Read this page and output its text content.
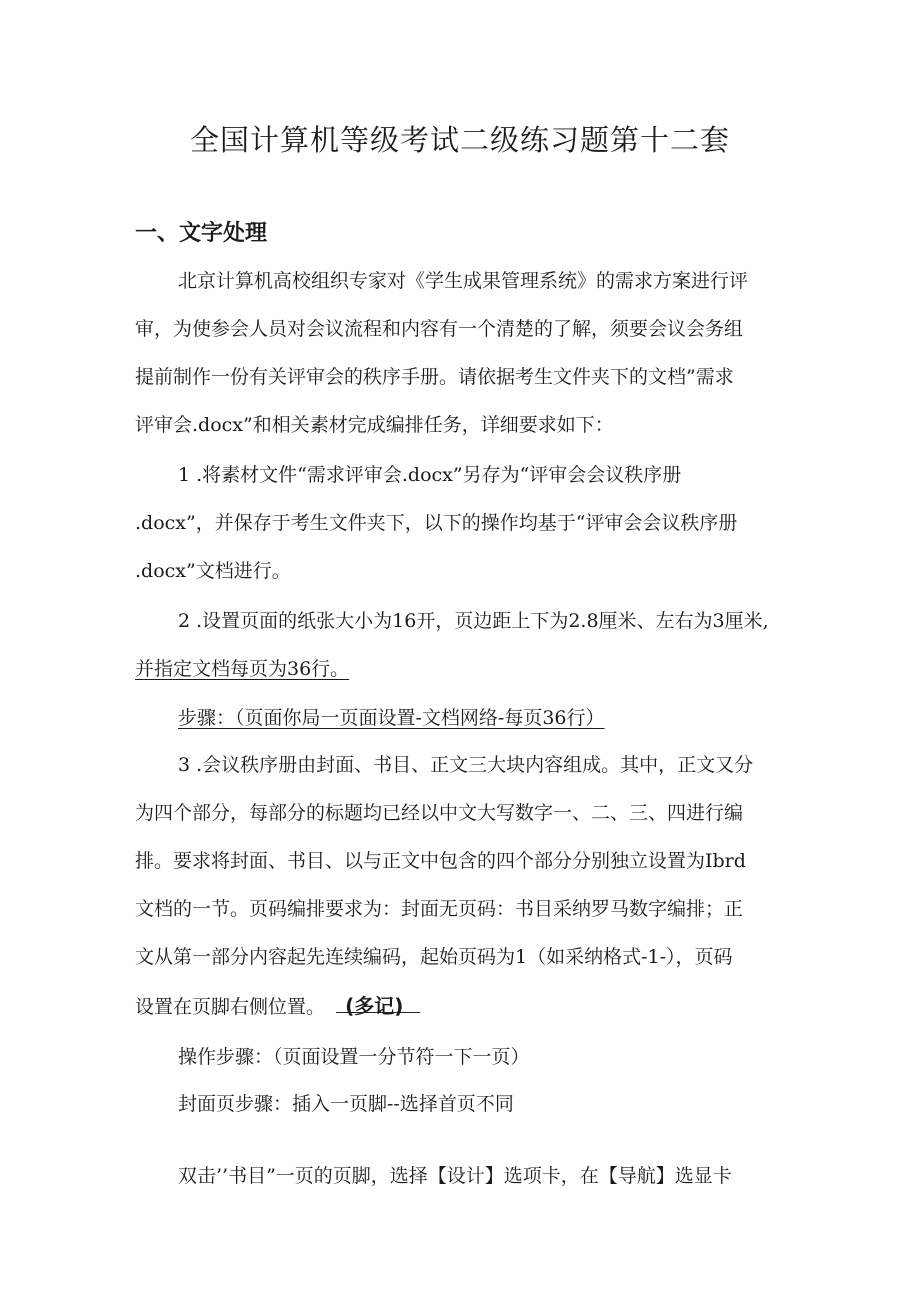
全国计算机等级考试二级练习题第十二套
一、文字处理
北京计算机高校组织专家对《学生成果管理系统》的需求方案进行评
审，为使参会人员对会议流程和内容有一个清楚的了解，须要会议会务组
提前制作一份有关评审会的秩序手册。请依据考生文件夹下的文档”需求
评审会.docx”和相关素材完成编排任务，详细要求如下：
1 .将素材文件“需求评审会.docx”另存为“评审会会议秩序册
.docx”，并保存于考生文件夹下，以下的操作均基于“评审会会议秩序册
.docx”文档进行。
2 .设置页面的纸张大小为16开，页边距上下为2.8厘米、左右为3厘米,
并指定文档每页为36行。
步骤：（页面你局一页面设置-文档网络-每页36行）
3 .会议秩序册由封面、书目、正文三大块内容组成。其中，正文又分
为四个部分，每部分的标题均已经以中文大写数字一、二、三、四进行编
排。要求将封面、书目、以与正文中包含的四个部分分别独立设置为Ibrd
文档的一节。页码编排要求为：封面无页码：书目采纳罗马数字编排；正
文从第一部分内容起先连续编码，起始页码为1（如采纳格式-1-），页码
设置在页脚右侧位置。 (多记)
操作步骤：（页面设置一分节符一下一页）
封面页步骤：插入一页脚--选择首页不同
双击’’书目”一页的页脚，选择【设计】选项卡，在【导航】选显卡
